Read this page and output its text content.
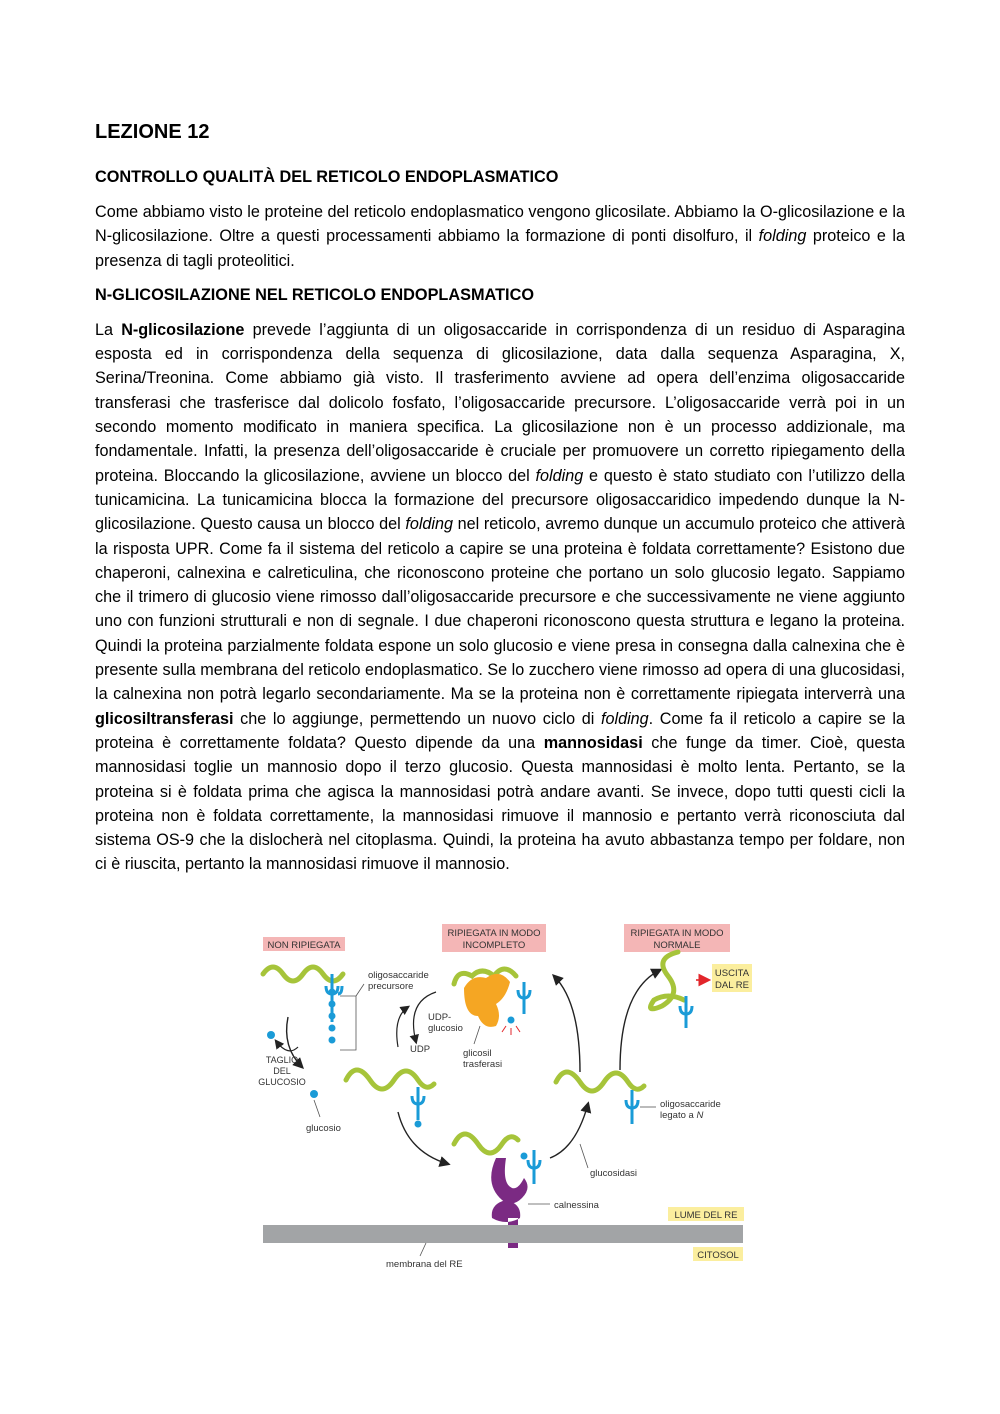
LEZIONE 12
CONTROLLO QUALITÀ DEL RETICOLO ENDOPLASMATICO

Come abbiamo visto le proteine del reticolo endoplasmatico vengono glicosilate. Abbiamo la O-glicosilazione e la N-glicosilazione. Oltre a questi processamenti abbiamo la formazione di ponti disolfuro, il folding proteico e la presenza di tagli proteolitici.

N-GLICOSILAZIONE NEL RETICOLO ENDOPLASMATICO

La N-glicosilazione prevede l’aggiunta di un oligosaccaride in corrispondenza di un residuo di Asparagina esposta ed in corrispondenza della sequenza di glicosilazione, data dalla sequenza Asparagina, X, Serina/Treonina. Come abbiamo già visto. Il trasferimento avviene ad opera dell’enzima oligosaccaride transferasi che trasferisce dal dolicolo fosfato, l’oligosaccaride precursore. L’oligosaccaride verrà poi in un secondo momento modificato in maniera specifica. La glicosilazione non è un processo addizionale, ma fondamentale. Infatti, la presenza dell’oligosaccaride è cruciale per promuovere un corretto ripiegamento della proteina. Bloccando la glicosilazione, avviene un blocco del folding e questo è stato studiato con l’utilizzo della tunicamicina. La tunicamicina blocca la formazione del precursore oligosaccaridico impedendo dunque la N-glicosilazione. Questo causa un blocco del folding nel reticolo, avremo dunque un accumulo proteico che attiverà la risposta UPR. Come fa il sistema del reticolo a capire se una proteina è foldata correttamente? Esistono due chaperoni, calnexina e calreticulina, che riconoscono proteine che portano un solo glucosio legato. Sappiamo che il trimero di glucosio viene rimosso dall’oligosaccaride precursore e che successivamente ne viene aggiunto uno con funzioni strutturali e non di segnale. I due chaperoni riconoscono questa struttura e legano la proteina. Quindi la proteina parzialmente foldata espone un solo glucosio e viene presa in consegna dalla calnexina che è presente sulla membrana del reticolo endoplasmatico. Se lo zucchero viene rimosso ad opera di una glucosidasi, la calnexina non potrà legarlo secondariamente. Ma se la proteina non è correttamente ripiegata interverrà una glicosiltransferasi che lo aggiunge, permettendo un nuovo ciclo di folding. Come fa il reticolo a capire se la proteina è correttamente foldata? Questo dipende da una mannosidasi che funge da timer. Cioè, questa mannosidasi toglie un mannosio dopo il terzo glucosio. Questa mannosidasi è molto lenta. Pertanto, se la proteina si è foldata prima che agisca la mannosidasi potrà andare avanti. Se invece, dopo tutti questi cicli la proteina non è foldata correttamente, la mannosidasi rimuove il mannosio e pertanto verrà riconosciuta dal sistema OS-9 che la dislocherà nel citoplasma. Quindi, la proteina ha avuto abbastanza tempo per foldare, non ci è riuscita, pertanto la mannosidasi rimuove il mannosio.

NON RIPIEGATA
RIPIEGATA IN MODO
INCOMPLETO
RIPIEGATA IN MODO
NORMALE
oligosaccaride
precursore
TAGLIO
DEL
GLUCOSIO
glucosio
UDP-
glucosio
UDP	glicosil
trasferasi
USCITA
DAL RE
oligosaccaride
legato a N
calnessina
glucosidasi
LUME DEL RE
CITOSOL
membrana del RE
